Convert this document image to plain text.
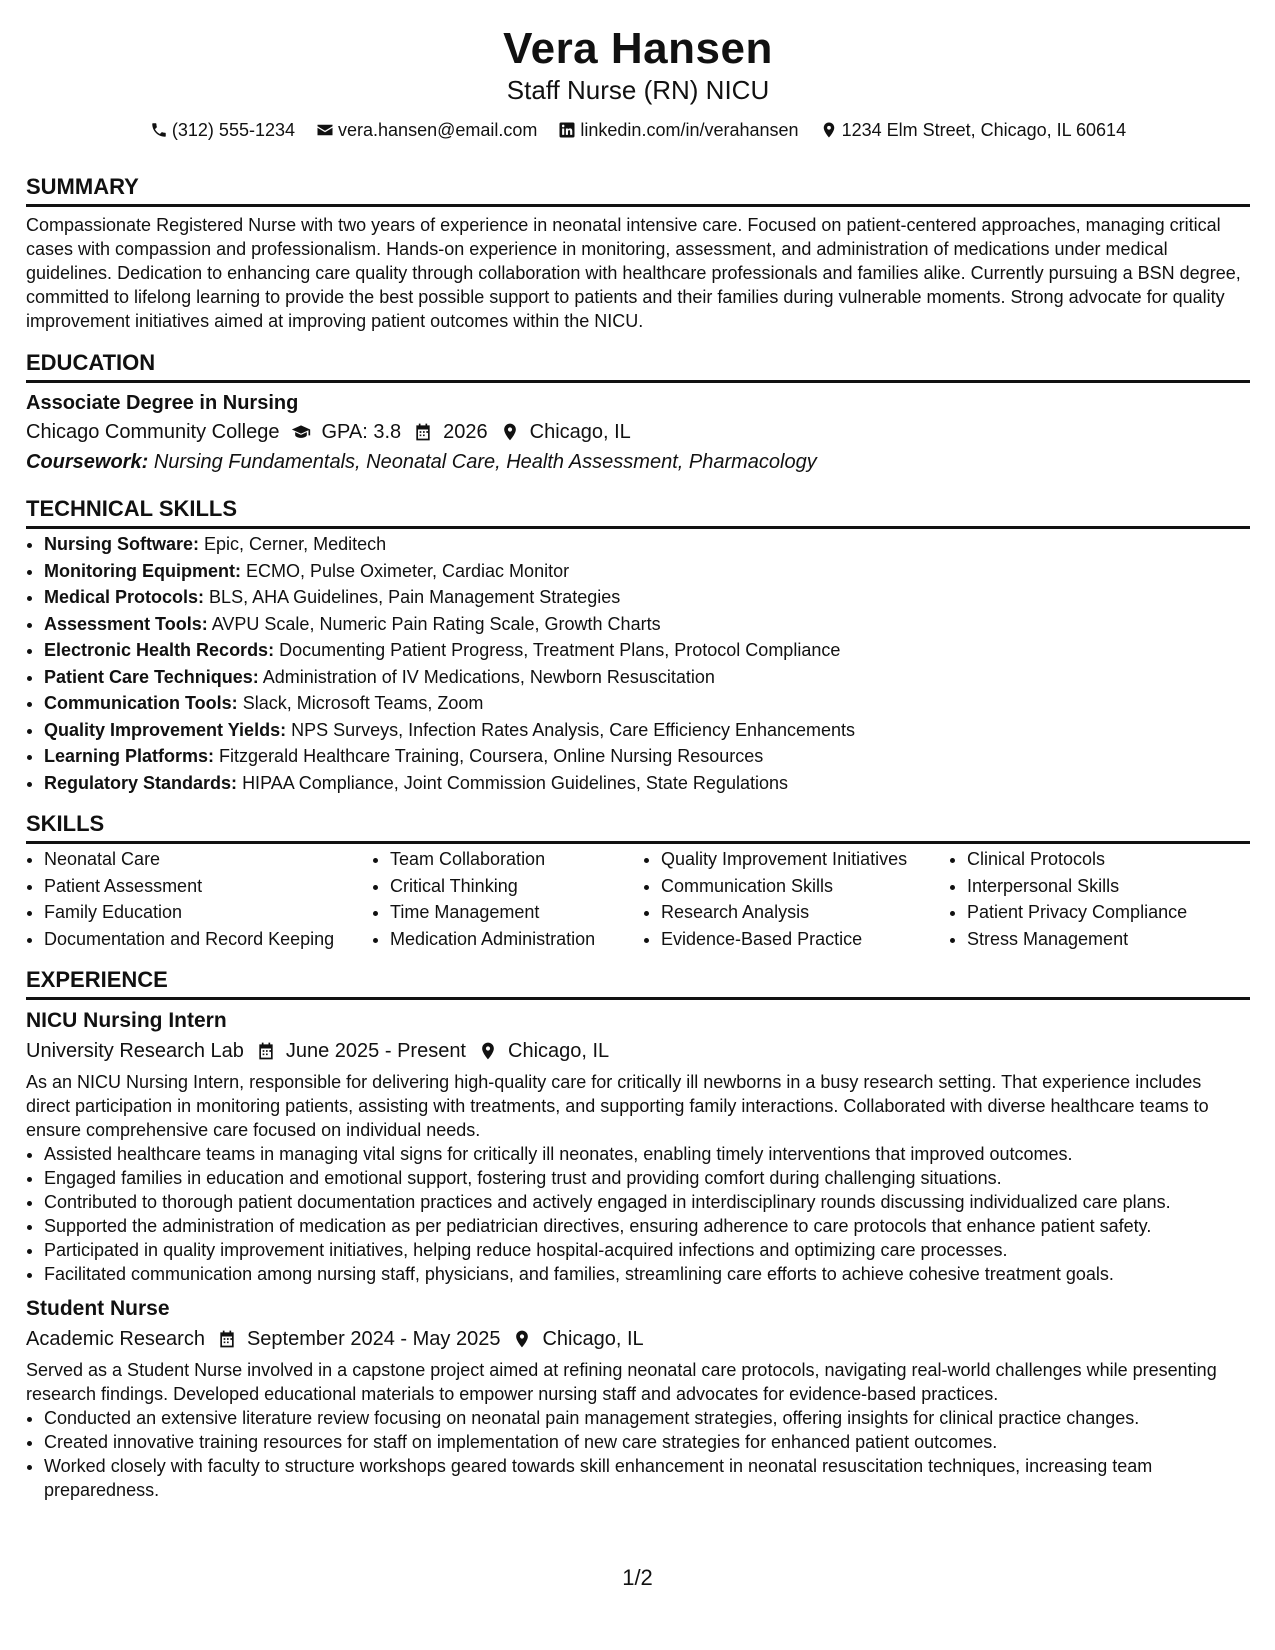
Vera Hansen
Staff Nurse (RN) NICU
(312) 555-1234
vera.hansen@email.com
linkedin.com/in/verahansen
1234 Elm Street, Chicago, IL 60614
SUMMARY

Compassionate Registered Nurse with two years of experience in neonatal intensive care. Focused on patient-centered approaches, managing critical cases with compassion and professionalism. Hands-on experience in monitoring, assessment, and administration of medications under medical guidelines. Dedication to enhancing care quality through collaboration with healthcare professionals and families alike. Currently pursuing a BSN degree, committed to lifelong learning to provide the best possible support to patients and their families during vulnerable moments. Strong advocate for quality improvement initiatives aimed at improving patient outcomes within the NICU.

EDUCATION
Associate Degree in Nursing
Chicago Community College GPA: 3.8 2026 Chicago, IL
Coursework: Nursing Fundamentals, Neonatal Care, Health Assessment, Pharmacology
TECHNICAL SKILLS
• Nursing Software: Epic, Cerner, Meditech
• Monitoring Equipment: ECMO, Pulse Oximeter, Cardiac Monitor
• Medical Protocols: BLS, AHA Guidelines, Pain Management Strategies
• Assessment Tools: AVPU Scale, Numeric Pain Rating Scale, Growth Charts
• Electronic Health Records: Documenting Patient Progress, Treatment Plans, Protocol Compliance
• Patient Care Techniques: Administration of IV Medications, Newborn Resuscitation
• Communication Tools: Slack, Microsoft Teams, Zoom
• Quality Improvement Yields: NPS Surveys, Infection Rates Analysis, Care Efficiency Enhancements
• Learning Platforms: Fitzgerald Healthcare Training, Coursera, Online Nursing Resources
• Regulatory Standards: HIPAA Compliance, Joint Commission Guidelines, State Regulations
SKILLS
• Neonatal Care
• Patient Assessment
• Family Education
• Documentation and Record Keeping
• Team Collaboration
• Critical Thinking
• Time Management
• Medication Administration
• Quality Improvement Initiatives
• Communication Skills
• Research Analysis
• Evidence-Based Practice
• Clinical Protocols
• Interpersonal Skills
• Patient Privacy Compliance
• Stress Management
EXPERIENCE
NICU Nursing Intern
University Research Lab June 2025 - Present Chicago, IL

As an NICU Nursing Intern, responsible for delivering high-quality care for critically ill newborns in a busy research setting. That experience includes direct participation in monitoring patients, assisting with treatments, and supporting family interactions. Collaborated with diverse healthcare teams to ensure comprehensive care focused on individual needs.

• Assisted healthcare teams in managing vital signs for critically ill neonates, enabling timely interventions that improved outcomes.
• Engaged families in education and emotional support, fostering trust and providing comfort during challenging situations.
• Contributed to thorough patient documentation practices and actively engaged in interdisciplinary rounds discussing individualized care plans.
• Supported the administration of medication as per pediatrician directives, ensuring adherence to care protocols that enhance patient safety.
• Participated in quality improvement initiatives, helping reduce hospital-acquired infections and optimizing care processes.
• Facilitated communication among nursing staff, physicians, and families, streamlining care efforts to achieve cohesive treatment goals.
Student Nurse
Academic Research September 2024 - May 2025 Chicago, IL

Served as a Student Nurse involved in a capstone project aimed at refining neonatal care protocols, navigating real-world challenges while presenting research findings. Developed educational materials to empower nursing staff and advocates for evidence-based practices.

• Conducted an extensive literature review focusing on neonatal pain management strategies, offering insights for clinical practice changes.
• Created innovative training resources for staff on implementation of new care strategies for enhanced patient outcomes.
• Worked closely with faculty to structure workshops geared towards skill enhancement in neonatal resuscitation techniques, increasing team preparedness.
1/2
